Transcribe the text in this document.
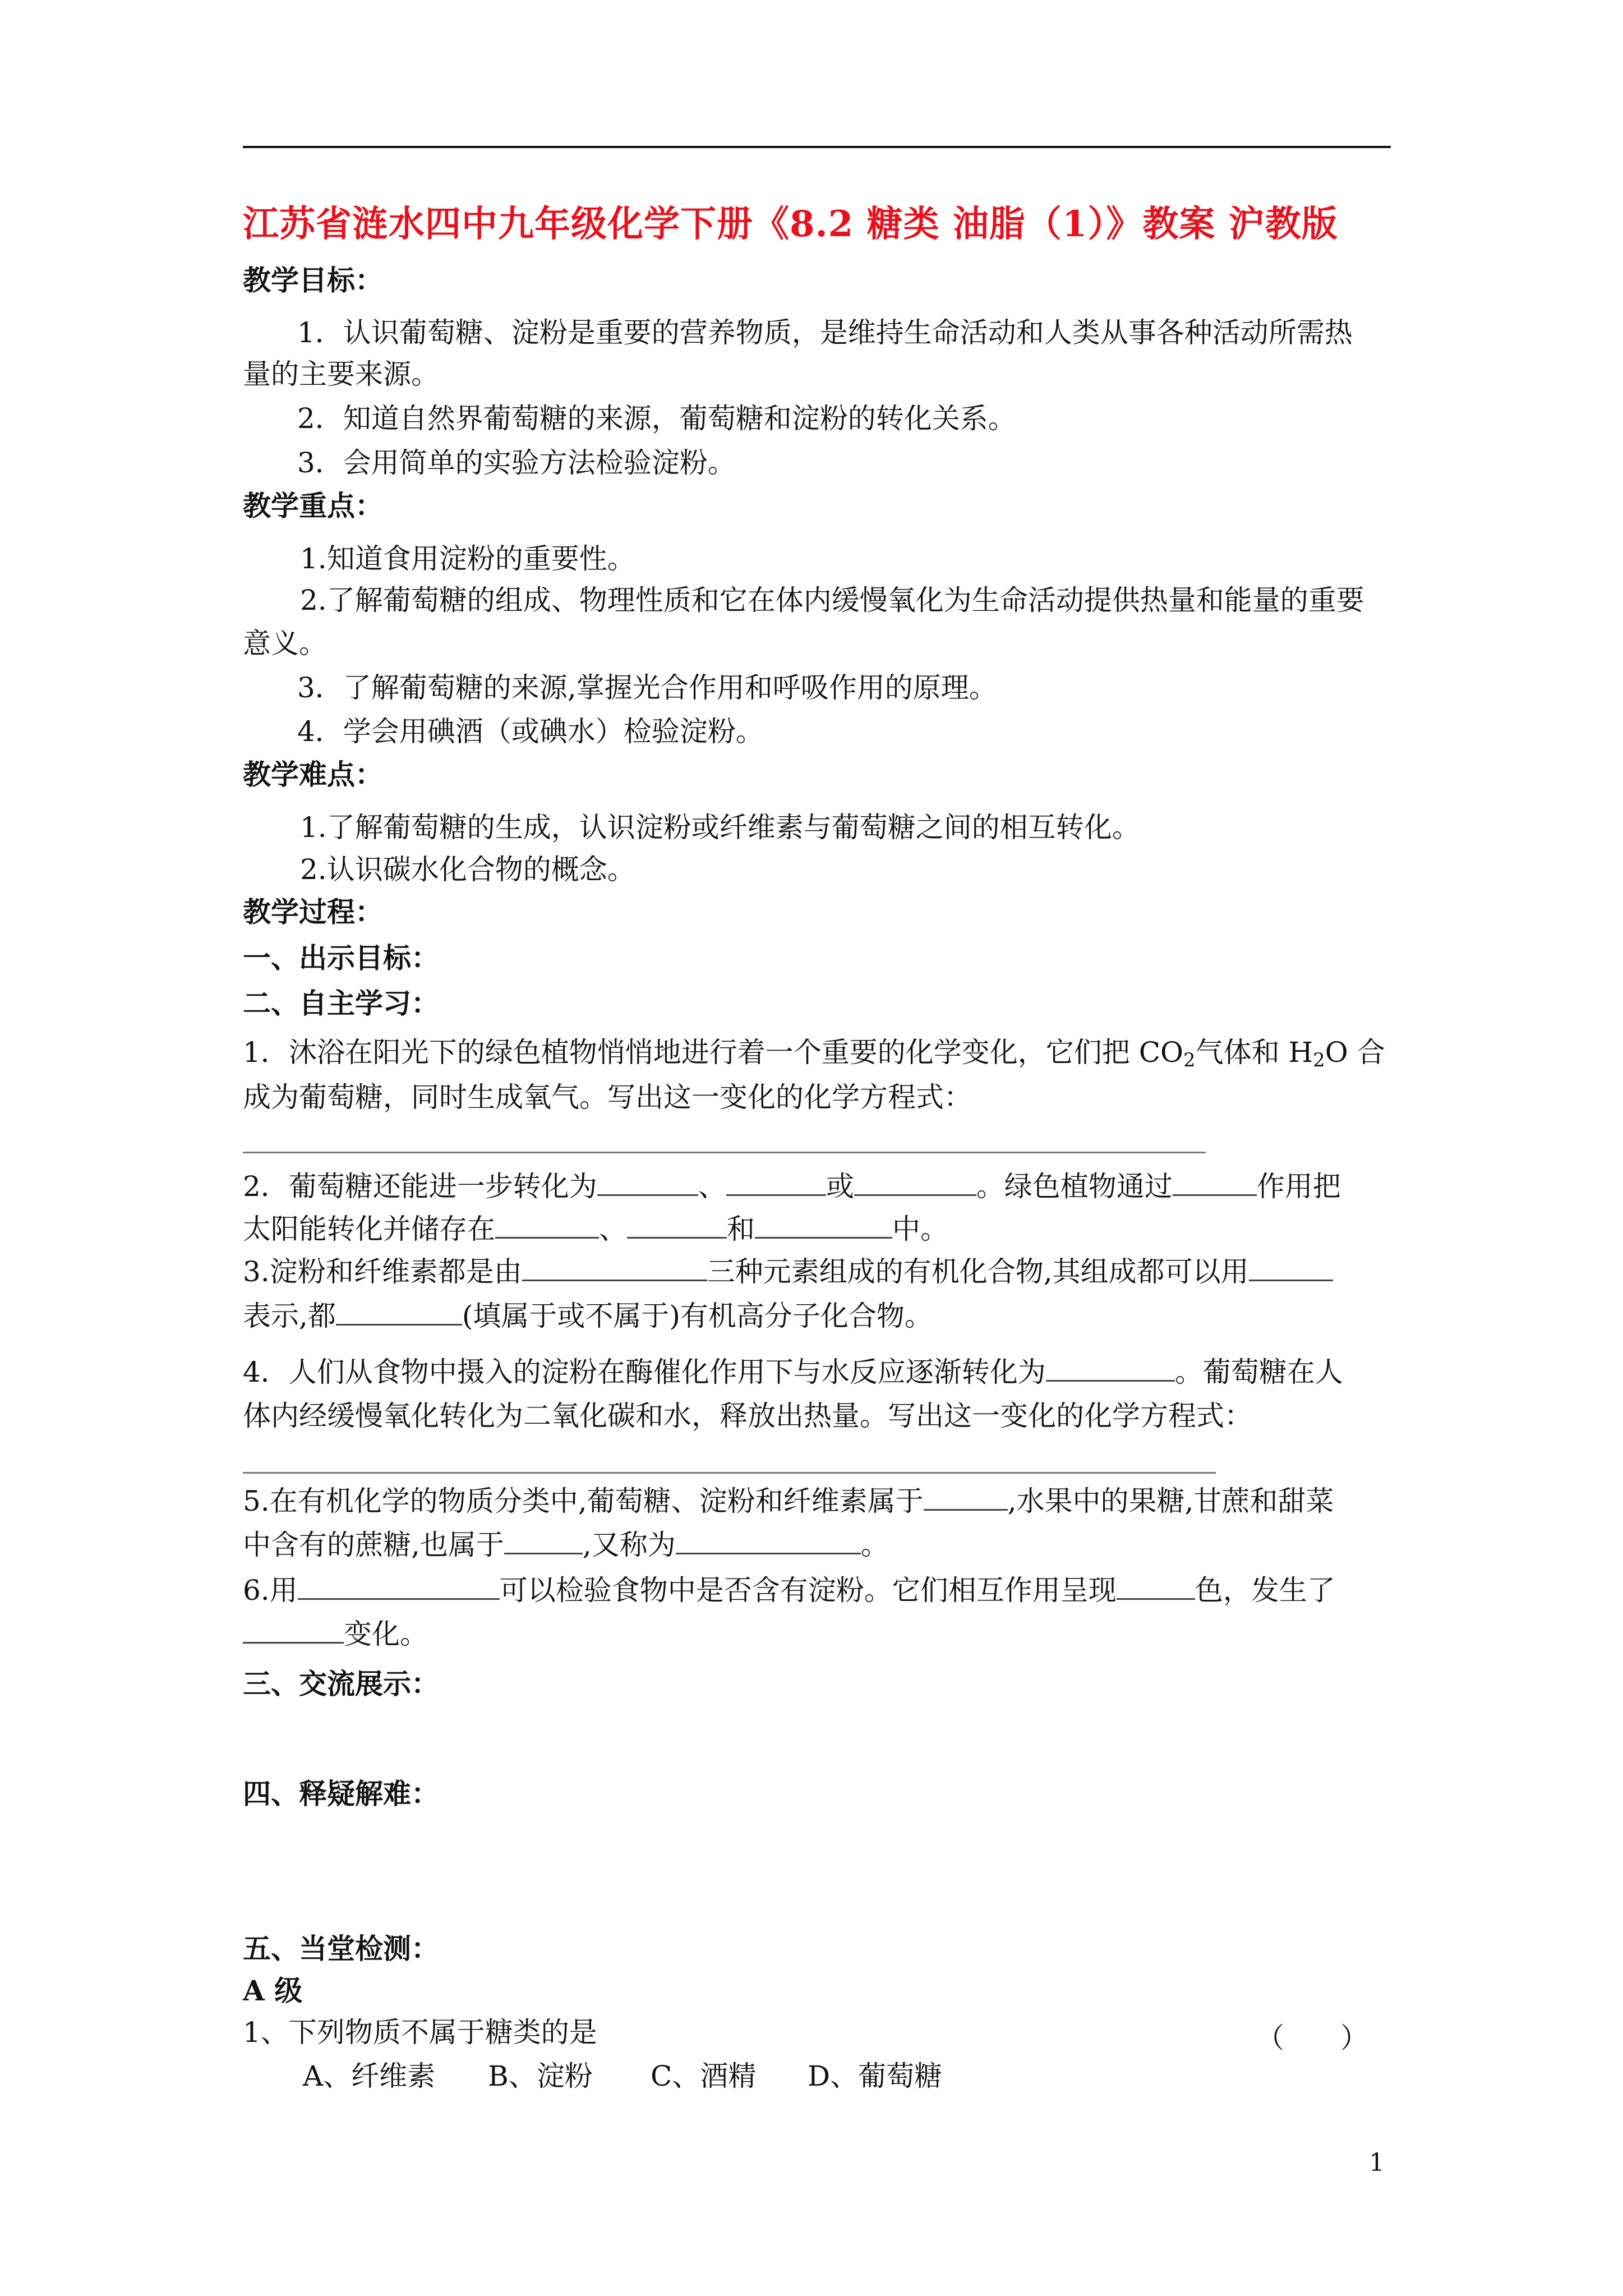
江苏省涟水四中九年级化学下册《8.2 糖类 油脂（1）》教案 沪教版
教学目标：
1．认识葡萄糖、淀粉是重要的营养物质，是维持生命活动和人类从事各种活动所需热
量的主要来源。
2．知道自然界葡萄糖的来源，葡萄糖和淀粉的转化关系。
3．会用简单的实验方法检验淀粉。
教学重点：
1.知道食用淀粉的重要性。
2.了解葡萄糖的组成、物理性质和它在体内缓慢氧化为生命活动提供热量和能量的重要
意义。
3．了解葡萄糖的来源,掌握光合作用和呼吸作用的原理。
4．学会用碘酒（或碘水）检验淀粉。
教学难点：
1.了解葡萄糖的生成，认识淀粉或纤维素与葡萄糖之间的相互转化。
2.认识碳水化合物的概念。
教学过程：
一、出示目标：
二、自主学习：
1．沐浴在阳光下的绿色植物悄悄地进行着一个重要的化学变化，它们把 $CO_2$气体和 $H_2O$ 合
成为葡萄糖，同时生成氧气。写出这一变化的化学方程式：
2．葡萄糖还能进一步转化为	、	或	。绿色植物通过	作用把
太阳能转化并储存在	、	和	中。
3.淀粉和纤维素都是由	三种元素组成的有机化合物,其组成都可以用
表示,都	(填属于或不属于)有机高分子化合物。
4．人们从食物中摄入的淀粉在酶催化作用下与水反应逐渐转化为	。葡萄糖在人
体内经缓慢氧化转化为二氧化碳和水，释放出热量。写出这一变化的化学方程式：
5.在有机化学的物质分类中,葡萄糖、淀粉和纤维素属于	,水果中的果糖,甘蔗和甜菜
中含有的蔗糖,也属于	,又称为	。
6.用	可以检验食物中是否含有淀粉。它们相互作用呈现	色，发生了
变化。
三、交流展示：
四、释疑解难：
五、当堂检测：
A 级
1、下列物质不属于糖类的是	（　　）
A、纤维素 B、淀粉 C、酒精 D、葡萄糖
1
